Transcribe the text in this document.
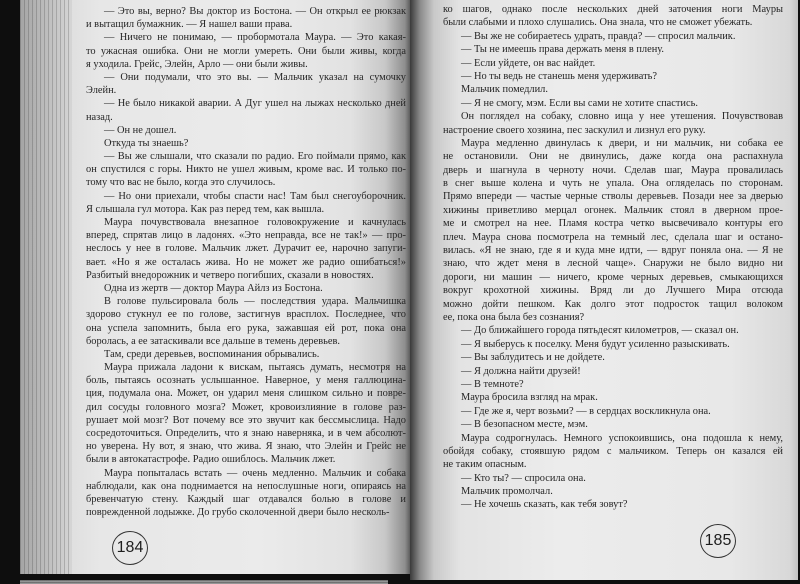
— Это вы, верно? Вы доктор из Бостона. — Он открыл ее рюкзак
и вытащил бумажник. — Я нашел ваши права.
— Ничего не понимаю, — пробормотала Маура. — Это какая-
то ужасная ошибка. Они не могли умереть. Они были живы, когда
я уходила. Грейс, Элейн, Арло — они были живы.
— Они подумали, что это вы. — Мальчик указал на сумочку
Элейн.
— Не было никакой аварии. А Дуг ушел на лыжах несколько дней
назад.
— Он не дошел.
Откуда ты знаешь?
— Вы же слышали, что сказали по радио. Его поймали прямо, как
он спустился с горы. Никто не ушел живым, кроме вас. И только по-
тому что вас не было, когда это случилось.
— Но они приехали, чтобы спасти нас! Там был снегоуборочник.
Я слышала гул мотора. Как раз перед тем, как вышла.
Маура почувствовала внезапное головокружение и качнулась
вперед, спрятав лицо в ладонях. «Это неправда, все не так!» — про-
неслось у нее в голове. Мальчик лжет. Дурачит ее, нарочно запуги-
вает. «Но я же осталась жива. Но не может же радио ошибаться!»
Разбитый внедорожник и четверо погибших, сказали в новостях.
Одна из жертв — доктор Маура Айлз из Бостона.
В голове пульсировала боль — последствия удара. Мальчишка
здорово стукнул ее по голове, застигнув врасплох. Последнее, что
она успела запомнить, была его рука, зажавшая ей рот, пока она
боролась, а ее затаскивали все дальше в темень деревьев.
Там, среди деревьев, воспоминания обрывались.
Маура прижала ладони к вискам, пытаясь думать, несмотря на
боль, пытаясь осознать услышанное. Наверное, у меня галлюцина-
ция, подумала она. Может, он ударил меня слишком сильно и повре-
дил сосуды головного мозга? Может, кровоизлияние в голове раз-
рушает мой мозг? Вот почему все это звучит как бессмыслица. Надо
сосредоточиться. Определить, что я знаю наверняка, и в чем абсолют-
но уверена. Ну вот, я знаю, что жива. Я знаю, что Элейн и Грейс не
были в автокатастрофе. Радио ошиблось. Мальчик лжет.
Маура попыталась встать — очень медленно. Мальчик и собака
наблюдали, как она поднимается на непослушные ноги, опираясь на
бревенчатую стену. Каждый шаг отдавался болью в голове и
поврежденной лодыжке. До грубо сколоченной двери было несколь-
184
ко шагов, однако после нескольких дней заточения ноги Мауры
были слабыми и плохо слушались. Она знала, что не сможет убежать.
— Вы же не собираетесь удрать, правда? — спросил мальчик.
— Ты не имеешь права держать меня в плену.
— Если уйдете, он вас найдет.
— Но ты ведь не станешь меня удерживать?
Мальчик помедлил.
— Я не смогу, мэм. Если вы сами не хотите спастись.
Он поглядел на собаку, словно ища у нее утешения. Почувствовав
настроение своего хозяина, пес заскулил и лизнул его руку.
Маура медленно двинулась к двери, и ни мальчик, ни собака ее
не остановили. Они не двинулись, даже когда она распахнула
дверь и шагнула в черноту ночи. Сделав шаг, Маура провалилась
в снег выше колена и чуть не упала. Она огляделась по сторонам.
Прямо впереди — частые черные стволы деревьев. Позади нее за дверью
хижины приветливо мерцал огонек. Мальчик стоял в дверном прое-
ме и смотрел на нее. Пламя костра четко высвечивало контуры его
плеч. Маура снова посмотрела на темный лес, сделала шаг и остано-
вилась. «Я не знаю, где я и куда мне идти, — вдруг поняла она. — Я не
знаю, что ждет меня в лесной чаще». Снаружи не было видно ни
дороги, ни машин — ничего, кроме черных деревьев, смыкающихся
вокруг крохотной хижины. Вряд ли до Лучшего Мира отсюда
можно дойти пешком. Как долго этот подросток тащил волоком
ее, пока она была без сознания?
— До ближайшего города пятьдесят километров, — сказал он.
— Я выберусь к поселку. Меня будут усиленно разыскивать.
— Вы заблудитесь и не дойдете.
— Я должна найти друзей!
— В темноте?
Маура бросила взгляд на мрак.
— Где же я, черт возьми? — в сердцах воскликнула она.
— В безопасном месте, мэм.
Маура содрогнулась. Немного успокоившись, она подошла к нему,
обойдя собаку, стоявшую рядом с мальчиком. Теперь он казался ей
не таким опасным.
— Кто ты? — спросила она.
Мальчик промолчал.
— Не хочешь сказать, как тебя зовут?
185
